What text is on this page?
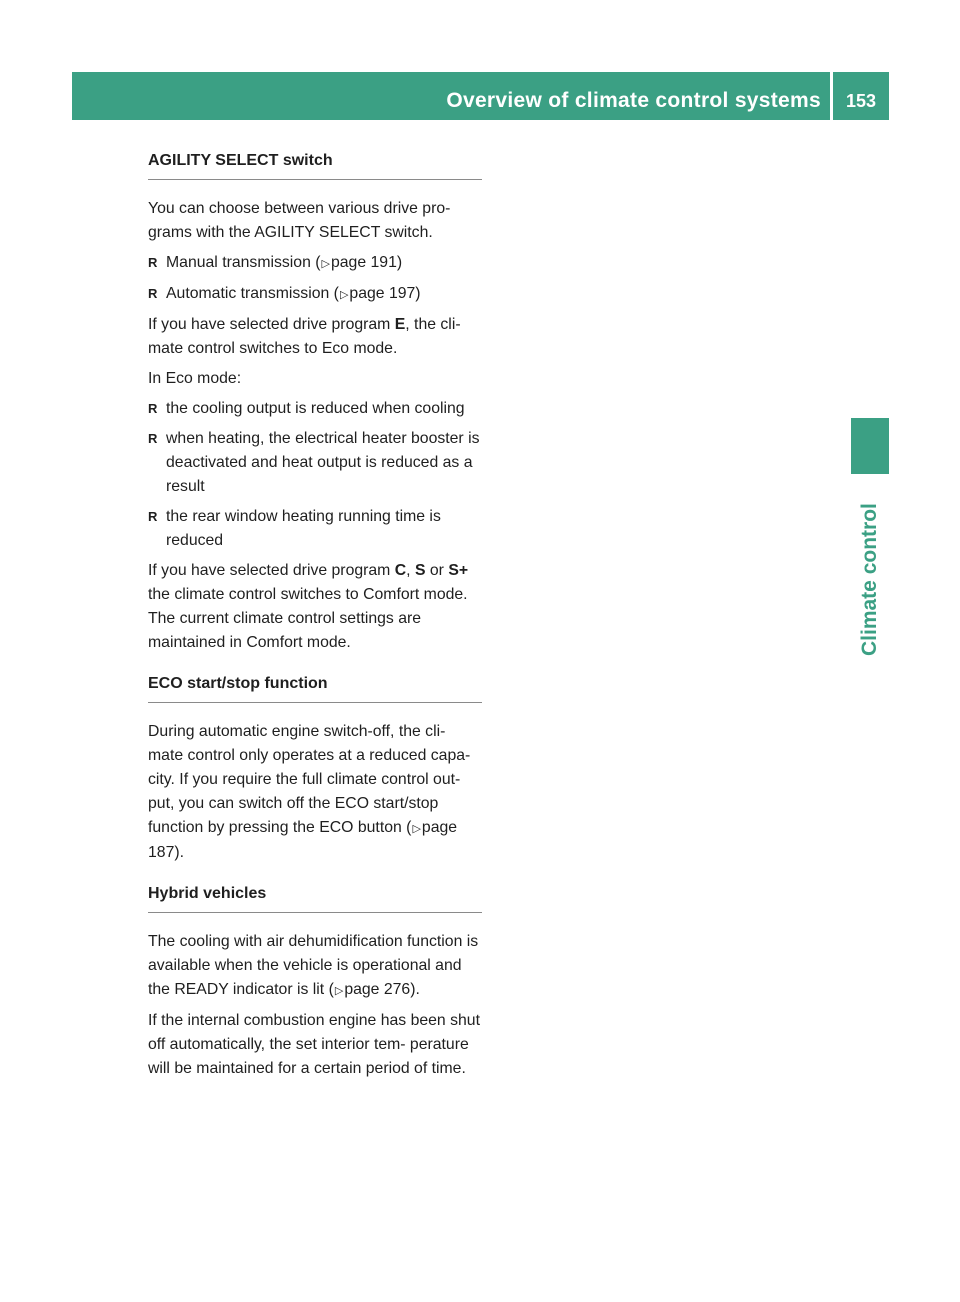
Overview of climate control systems	153
Climate control
AGILITY SELECT switch

You can choose between various drive pro- grams with the AGILITY SELECT switch.

R Manual transmission (▷page 191)
R Automatic transmission (▷page 197)

If you have selected drive program E, the cli- mate control switches to Eco mode.

In Eco mode:

R the cooling output is reduced when cooling
R when heating, the electrical heater booster is deactivated and heat output is reduced as a result
R the rear window heating running time is reduced

If you have selected drive program C, S or S+ the climate control switches to Comfort mode. The current climate control settings are maintained in Comfort mode.

ECO start/stop function

During automatic engine switch-off, the cli- mate control only operates at a reduced capa- city. If you require the full climate control out- put, you can switch off the ECO start/stop function by pressing the ECO button (▷page 187).

Hybrid vehicles

The cooling with air dehumidification function is available when the vehicle is operational and the READY indicator is lit (▷page 276).

If the internal combustion engine has been shut off automatically, the set interior tem- perature will be maintained for a certain period of time.
